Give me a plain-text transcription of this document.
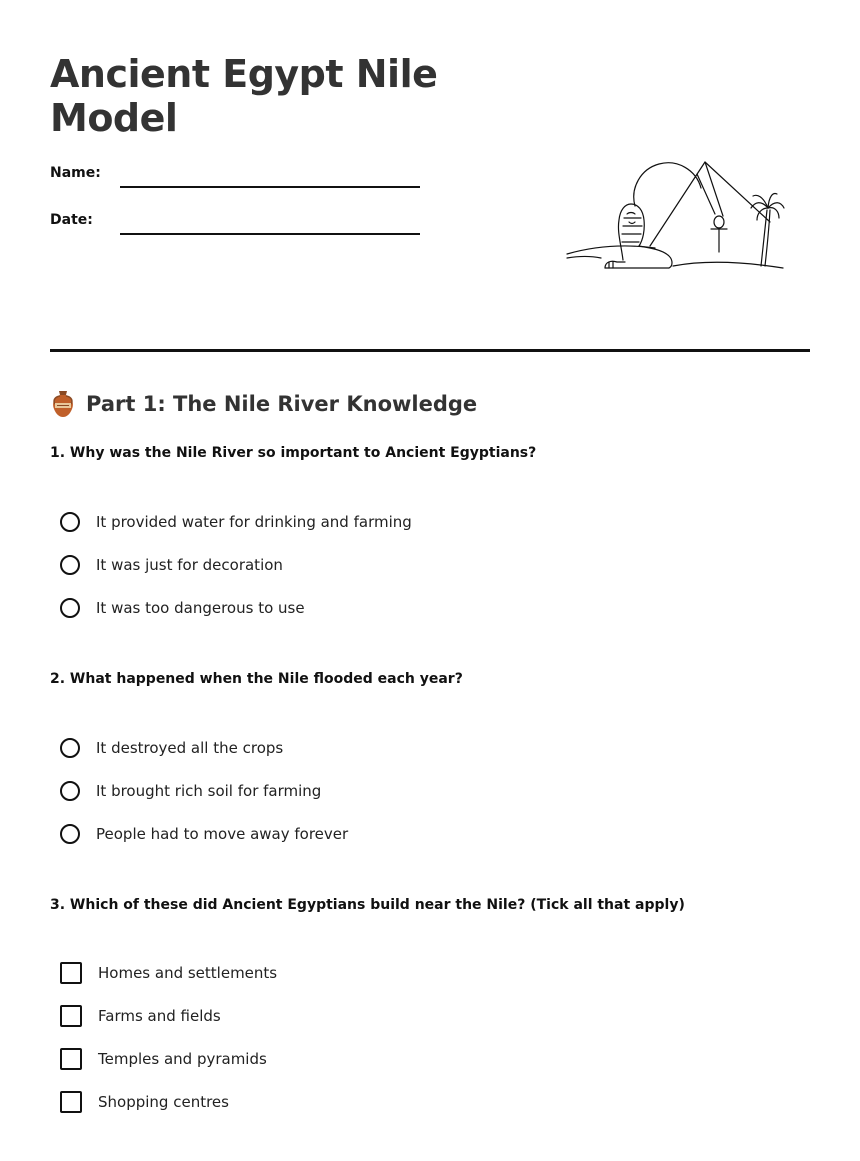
Ancient Egypt Nile Model
Name:
Date:
Part 1: The Nile River Knowledge
1. Why was the Nile River so important to Ancient Egyptians?
It provided water for drinking and farming
It was just for decoration
It was too dangerous to use
2. What happened when the Nile flooded each year?
It destroyed all the crops
It brought rich soil for farming
People had to move away forever
3. Which of these did Ancient Egyptians build near the Nile? (Tick all that apply)
Homes and settlements
Farms and fields
Temples and pyramids
Shopping centres
